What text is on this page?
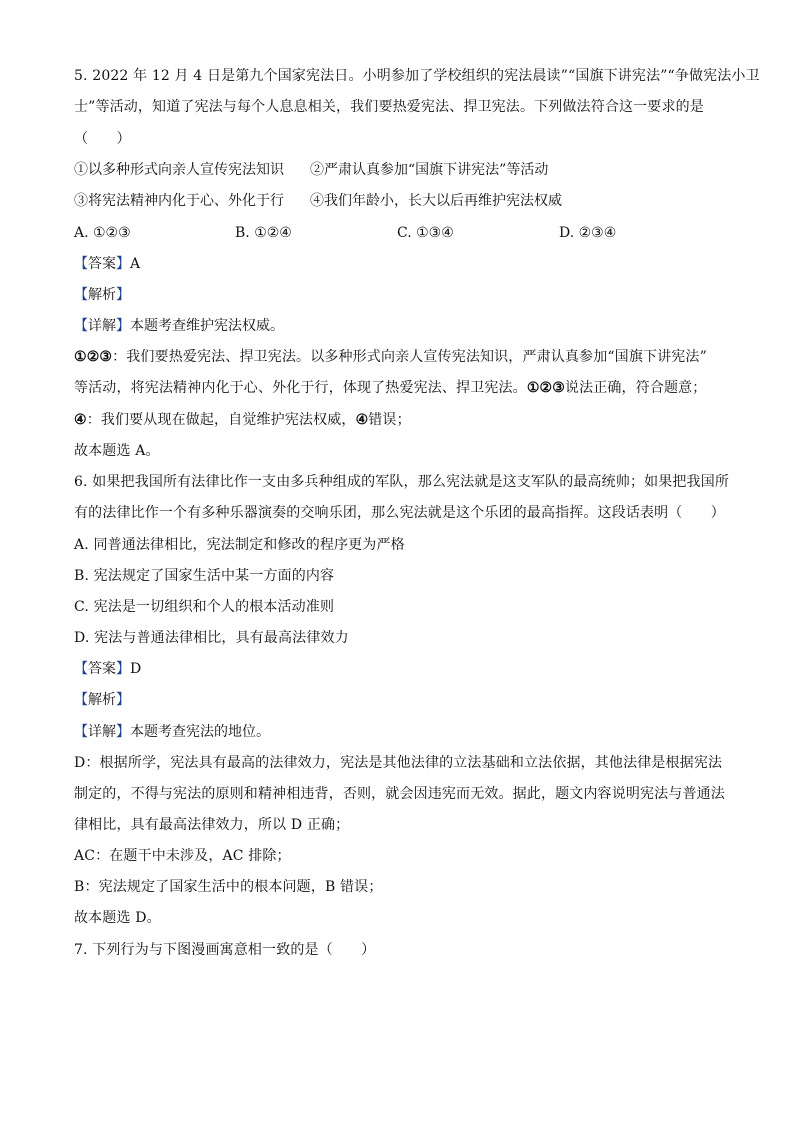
5. 2022 年 12 月 4 日是第九个国家宪法日。小明参加了学校组织的宪法晨读”“国旗下讲宪法”“争做宪法小卫
士”等活动，知道了宪法与每个人息息相关，我们要热爱宪法、捍卫宪法。下列做法符合这一要求的是
（　　）
①以多种形式向亲人宣传宪法知识 ②严肃认真参加“国旗下讲宪法”等活动
③将宪法精神内化于心、外化于行 ④我们年龄小，长大以后再维护宪法权威
A. ①②③	B. ①②④	C. ①③④	D. ②③④
【答案】A
【解析】
【详解】本题考查维护宪法权威。
①②③：我们要热爱宪法、捍卫宪法。以多种形式向亲人宣传宪法知识，严肃认真参加“国旗下讲宪法”
等活动，将宪法精神内化于心、外化于行，体现了热爱宪法、捍卫宪法。①②③说法正确，符合题意；
④：我们要从现在做起，自觉维护宪法权威，④错误；
故本题选 A。
6. 如果把我国所有法律比作一支由多兵种组成的军队，那么宪法就是这支军队的最高统帅；如果把我国所
有的法律比作一个有多种乐器演奏的交响乐团，那么宪法就是这个乐团的最高指挥。这段话表明（　　）
A. 同普通法律相比，宪法制定和修改的程序更为严格
B. 宪法规定了国家生活中某一方面的内容
C. 宪法是一切组织和个人的根本活动准则
D. 宪法与普通法律相比，具有最高法律效力
【答案】D
【解析】
【详解】本题考查宪法的地位。
D：根据所学，宪法具有最高的法律效力，宪法是其他法律的立法基础和立法依据，其他法律是根据宪法
制定的，不得与宪法的原则和精神相违背，否则，就会因违宪而无效。据此，题文内容说明宪法与普通法
律相比，具有最高法律效力，所以 D 正确；
AC：在题干中未涉及，AC 排除；
B：宪法规定了国家生活中的根本问题，B 错误；
故本题选 D。
7. 下列行为与下图漫画寓意相一致的是（　　）
